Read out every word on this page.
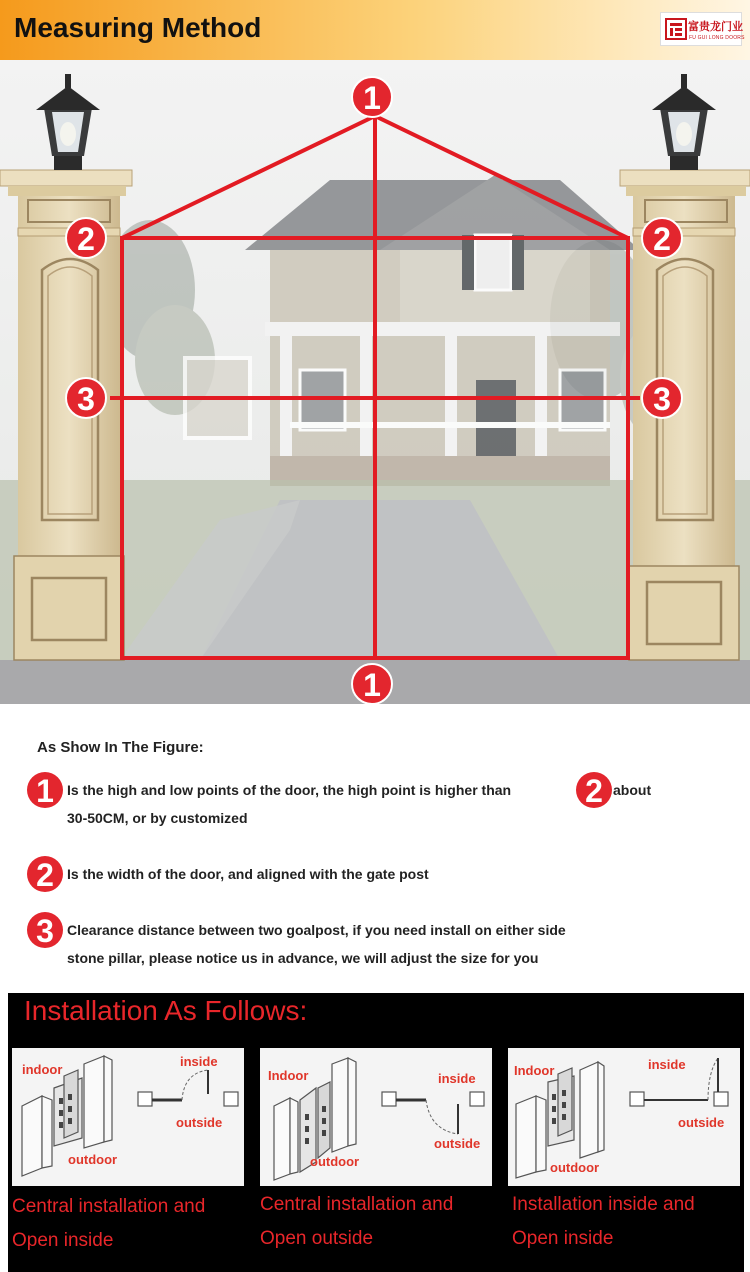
Measuring Method	富贵龙门业
FU GUI LONG DOORS
1
1
2	2
3	3
As Show In The Figure:
1 Is the high and low points of the door, the high point is higher than 2 about
30-50CM, or by customized
2 Is the width of the door, and aligned with the gate post
3 Clearance distance between two goalpost, if you need install on either side
stone pillar, please notice us in advance, we will adjust the size for you
Installation As Follows:
indoor
outdoor
inside
outside
Indoor
outdoor
inside
outside
Indoor
outdoor
inside
outside
Central installation and
Open inside
Central installation and
Open outside
Installation inside and
Open inside
